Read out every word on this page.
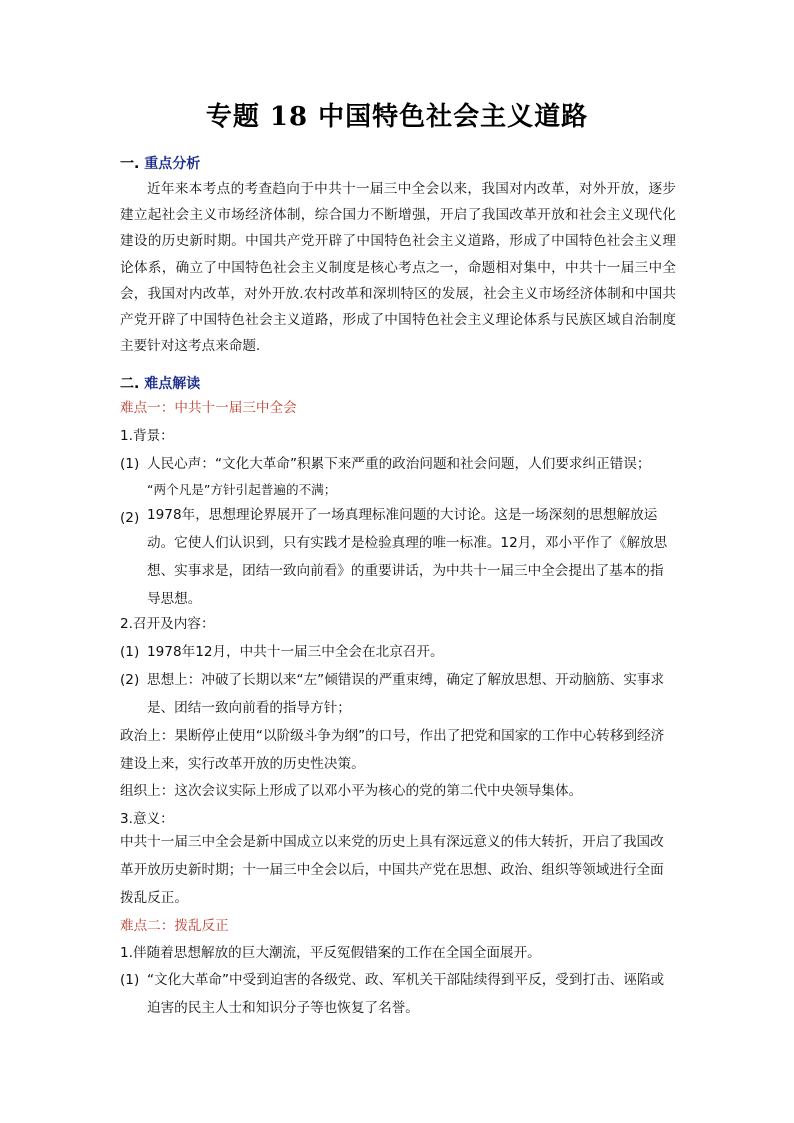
专题 18 中国特色社会主义道路
一. 重点分析
近年来本考点的考查趋向于中共十一届三中全会以来，我国对内改革，对外开放，逐步建立起社会主义市场经济体制，综合国力不断增强，开启了我国改革开放和社会主义现代化建设的历史新时期。中国共产党开辟了中国特色社会主义道路，形成了中国特色社会主义理论体系，确立了中国特色社会主义制度是核心考点之一，命题相对集中，中共十一届三中全会，我国对内改革，对外开放.农村改革和深圳特区的发展，社会主义市场经济体制和中国共产党开辟了中国特色社会主义道路，形成了中国特色社会主义理论体系与民族区域自治制度主要针对这考点来命题.
二. 难点解读
难点一：中共十一届三中全会
1.背景：
(1) 人民心声：“文化大革命”积累下来严重的政治问题和社会问题，人们要求纠正错误；
“两个凡是”方针引起普遍的不满；
(2) 1978年，思想理论界展开了一场真理标准问题的大讨论。这是一场深刻的思想解放运动。它使人们认识到，只有实践才是检验真理的唯一标准。12月，邓小平作了《解放思想、实事求是，团结一致向前看》的重要讲话，为中共十一届三中全会提出了基本的指导思想。
2.召开及内容：
(1) 1978年12月，中共十一届三中全会在北京召开。
(2) 思想上：冲破了长期以来“左”倾错误的严重束缚，确定了解放思想、开动脑筋、实事求是、团结一致向前看的指导方针；
政治上：果断停止使用“以阶级斗争为纲”的口号，作出了把党和国家的工作中心转移到经济建设上来，实行改革开放的历史性决策。
组织上：这次会议实际上形成了以邓小平为核心的党的第二代中央领导集体。
3.意义：
中共十一届三中全会是新中国成立以来党的历史上具有深远意义的伟大转折，开启了我国改革开放历史新时期；十一届三中全会以后，中国共产党在思想、政治、组织等领域进行全面拨乱反正。
难点二：拨乱反正
1.伴随着思想解放的巨大潮流，平反冤假错案的工作在全国全面展开。
(1) “文化大革命”中受到迫害的各级党、政、军机关干部陆续得到平反，受到打击、诬陷或迫害的民主人士和知识分子等也恢复了名誉。
